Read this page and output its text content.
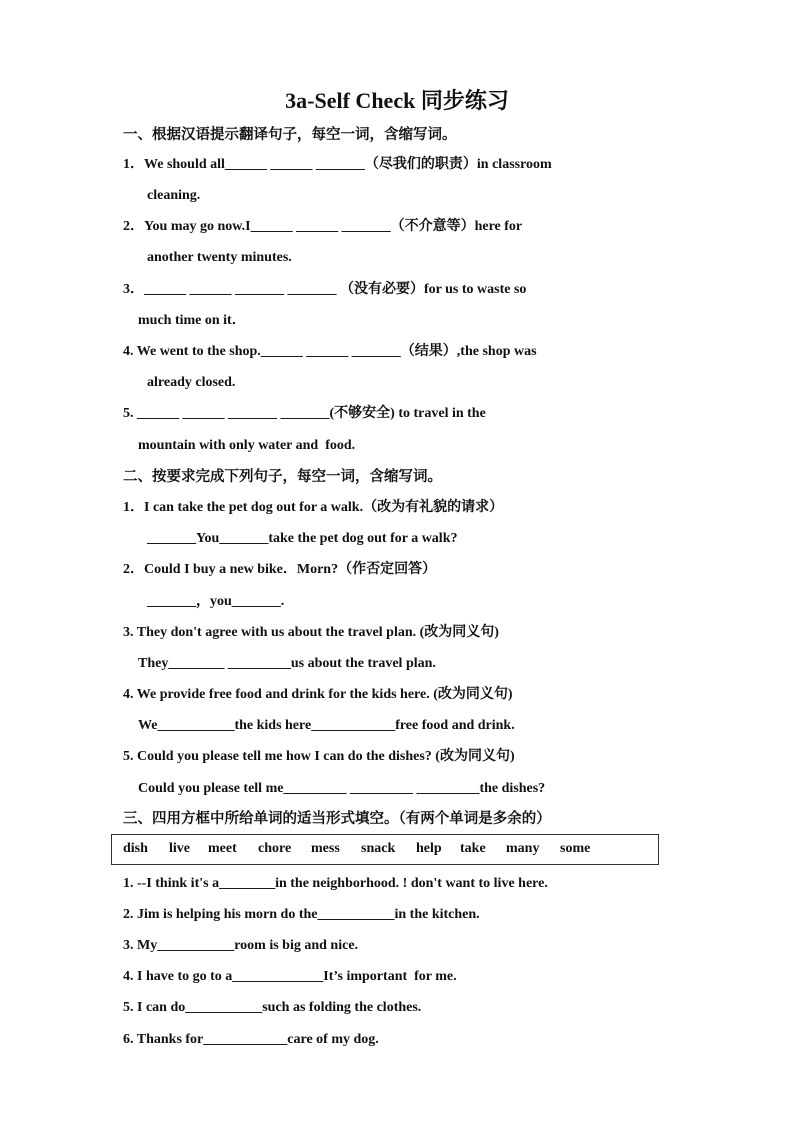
3a-Self Check 同步练习
一、根据汉语提示翻译句子，每空一词，含缩写词。
1．We should all______ ______ _______（尽我们的职责）in classroom
cleaning.
2．You may go now.I______ ______ _______（不介意等）here for
another twenty minutes.
3．______ ______ _______ _______ （没有必要）for us to waste so
much time on it．
4. We went to the shop.______ ______ _______（结果）,the shop was
already closed.
5. ______ ______ _______ _______(不够安全) to travel in the
mountain with only water and  food.
二、按要求完成下列句子，每空一词，含缩写词。
1．I can take the pet dog out for a walk.（改为有礼貌的请求）
_______You_______take the pet dog out for a walk?
2．Could I buy a new bike．Morn?（作否定回答）
_______，you_______.
3. They don't agree with us about the travel plan. (改为同义句)
They________ _________us about the travel plan.
4. We provide free food and drink for the kids here. (改为同义句)
We___________the kids here____________free food and drink.
5. Could you please tell me how I can do the dishes? (改为同义句)
Could you please tell me_________ _________ _________the dishes?
三、四用方框中所给单词的适当形式填空。（有两个单词是多余的）
dish live meet chore mess snack help take many some
1. --I think it's a________in the neighborhood. ! don't want to live here.
2. Jim is helping his morn do the___________in the kitchen.
3. My___________room is big and nice.
4. I have to go to a_____________It’s important  for me.
5. I can do___________such as folding the clothes.
6. Thanks for____________care of my dog.
